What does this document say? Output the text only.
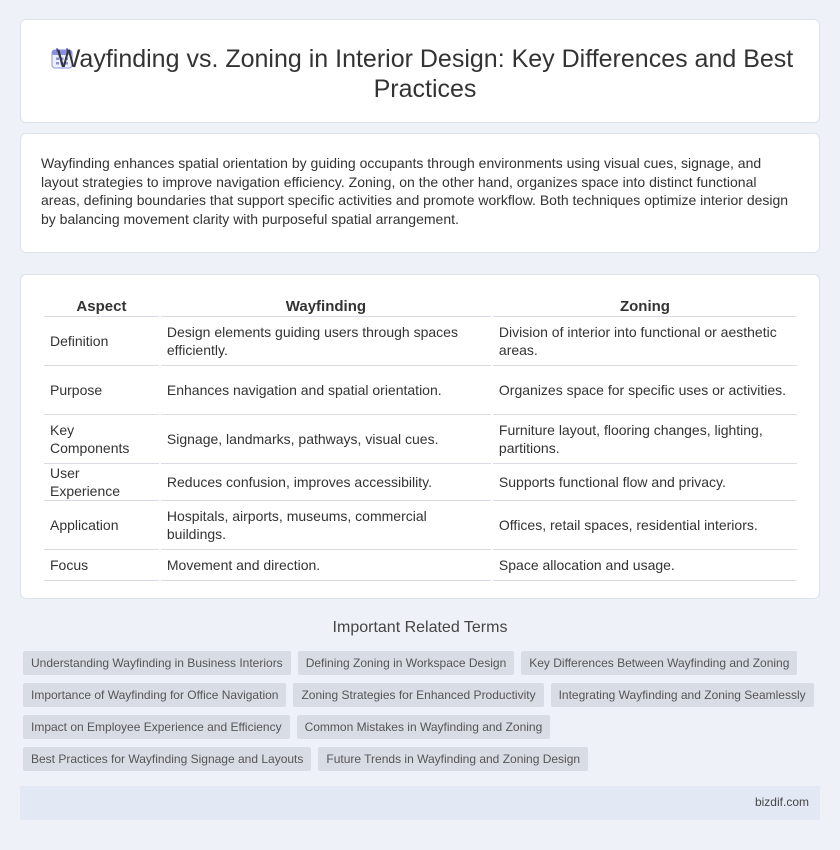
Wayfinding vs. Zoning in Interior Design: Key Differences and Best Practices

Wayfinding enhances spatial orientation by guiding occupants through environments using visual cues, signage, and layout strategies to improve navigation efficiency. Zoning, on the other hand, organizes space into distinct functional areas, defining boundaries that support specific activities and promote workflow. Both techniques optimize interior design by balancing movement clarity with purposeful spatial arrangement.

Aspect	Wayfinding	Zoning
Definition	Design elements guiding users through spaces efficiently.	Division of interior into functional or aesthetic areas.
Purpose	Enhances navigation and spatial orientation.	Organizes space for specific uses or activities.
Key Components	Signage, landmarks, pathways, visual cues.	Furniture layout, flooring changes, lighting, partitions.
User Experience	Reduces confusion, improves accessibility.	Supports functional flow and privacy.
Application	Hospitals, airports, museums, commercial buildings.	Offices, retail spaces, residential interiors.
Focus	Movement and direction.	Space allocation and usage.
Important Related Terms
Understanding Wayfinding in Business Interiors	Defining Zoning in Workspace Design	Key Differences Between Wayfinding and Zoning
Importance of Wayfinding for Office Navigation	Zoning Strategies for Enhanced Productivity	Integrating Wayfinding and Zoning Seamlessly
Impact on Employee Experience and Efficiency	Common Mistakes in Wayfinding and Zoning
Best Practices for Wayfinding Signage and Layouts	Future Trends in Wayfinding and Zoning Design
bizdif.com
